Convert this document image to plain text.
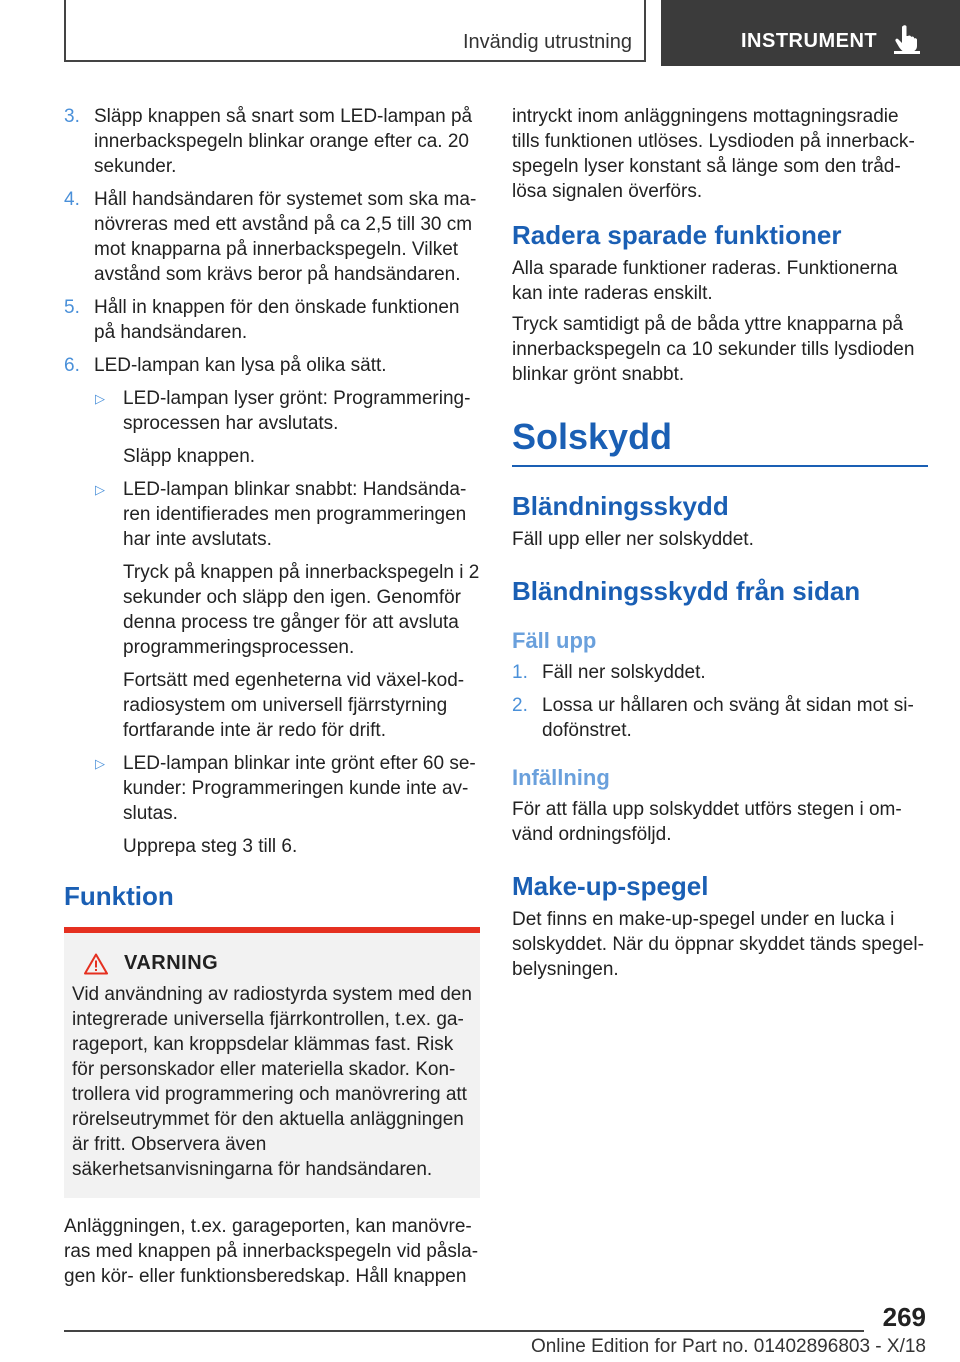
Invändig utrustning	INSTRUMENT
3. Släpp knappen så snart som LED-lampan på innerbackspegeln blinkar orange efter ca. 20 sekunder.

4. Håll handsändaren för systemet som ska manövreras med ett avstånd på ca 2,5 till 30 cm mot knapparna på innerbackspegeln. Vilket avstånd som krävs beror på handsändaren.

5. Håll in knappen för den önskade funktionen på handsändaren.

6. LED-lampan kan lysa på olika sätt.

▷ LED-lampan lyser grönt: Programmeringsprocessen har avslutats.

Släpp knappen.

▷ LED-lampan blinkar snabbt: Handsändaren identifierades men programmeringen har inte avslutats.

Tryck på knappen på innerbackspegeln i 2 sekunder och släpp den igen. Genomför denna process tre gånger för att avsluta programmeringsprocessen.

Fortsätt med egenheterna vid växel-kodradiosystem om universell fjärrstyrning fortfarande inte är redo för drift.

▷ LED-lampan blinkar inte grönt efter 60 sekunder: Programmeringen kunde inte avslutas.

Upprepa steg 3 till 6.

Funktion
VARNING

Vid användning av radiostyrda system med den integrerade universella fjärrkontrollen, t.ex. garageport, kan kroppsdelar klämmas fast. Risk för personskador eller materiella skador. Kontrollera vid programmering och manövrering att rörelseutrymmet för den aktuella anläggningen är fritt. Observera även säkerhetsanvisningarna för handsändaren.

Anläggningen, t.ex. garageporten, kan manövreras med knappen på innerbackspegeln vid påslagen kör- eller funktionsberedskap. Håll knappen

intryckt inom anläggningens mottagningsradie tills funktionen utlöses. Lysdioden på innerbackspegeln lyser konstant så länge som den trådlösa signalen överförs.

Radera sparade funktioner

Alla sparade funktioner raderas. Funktionerna kan inte raderas enskilt.

Tryck samtidigt på de båda yttre knapparna på innerbackspegeln ca 10 sekunder tills lysdioden blinkar grönt snabbt.

Solskydd
Bländningsskydd

Fäll upp eller ner solskyddet.

Bländningsskydd från sidan
Fäll upp
1. Fäll ner solskyddet.

2. Lossa ur hållaren och sväng åt sidan mot sidofönstret.

Infällning

För att fälla upp solskyddet utförs stegen i omvänd ordningsföljd.

Make-up-spegel

Det finns en make-up-spegel under en lucka i solskyddet. När du öppnar skyddet tänds spegelbelysningen.

269
Online Edition for Part no. 01402896803 - X/18
